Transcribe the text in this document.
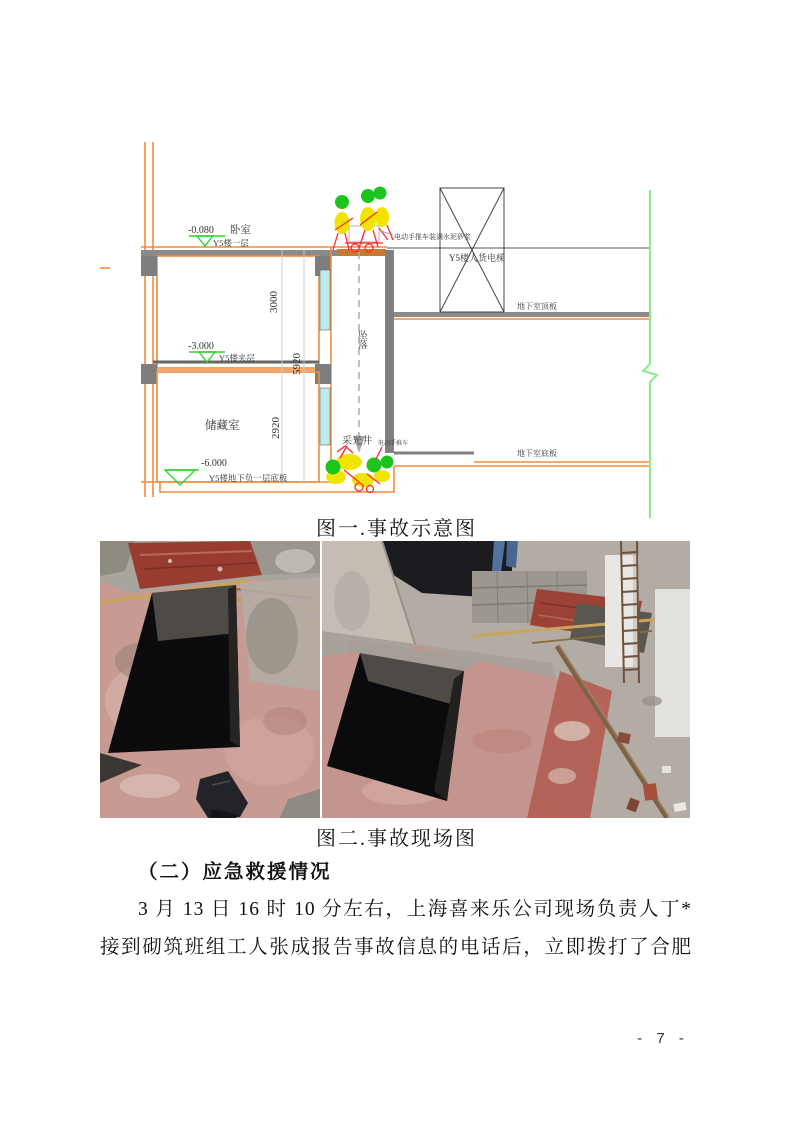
-0.080 卧室
Y5楼一层
-3.000
Y5楼夹层
-6.000
Y5楼地下负一层底板
储藏室
3000
5920
2920
电动手推车装满水泥砂浆
Y5楼人货电梯
地下室顶板
坠落
采光井 电动手推车
地下室底板
图一.事故示意图
图二.事故现场图
（二）应急救援情况
3 月 13 日 16 时 10 分左右，上海喜来乐公司现场负责人丁*
接到砌筑班组工人张成报告事故信息的电话后，立即拨打了合肥
- 7 -
